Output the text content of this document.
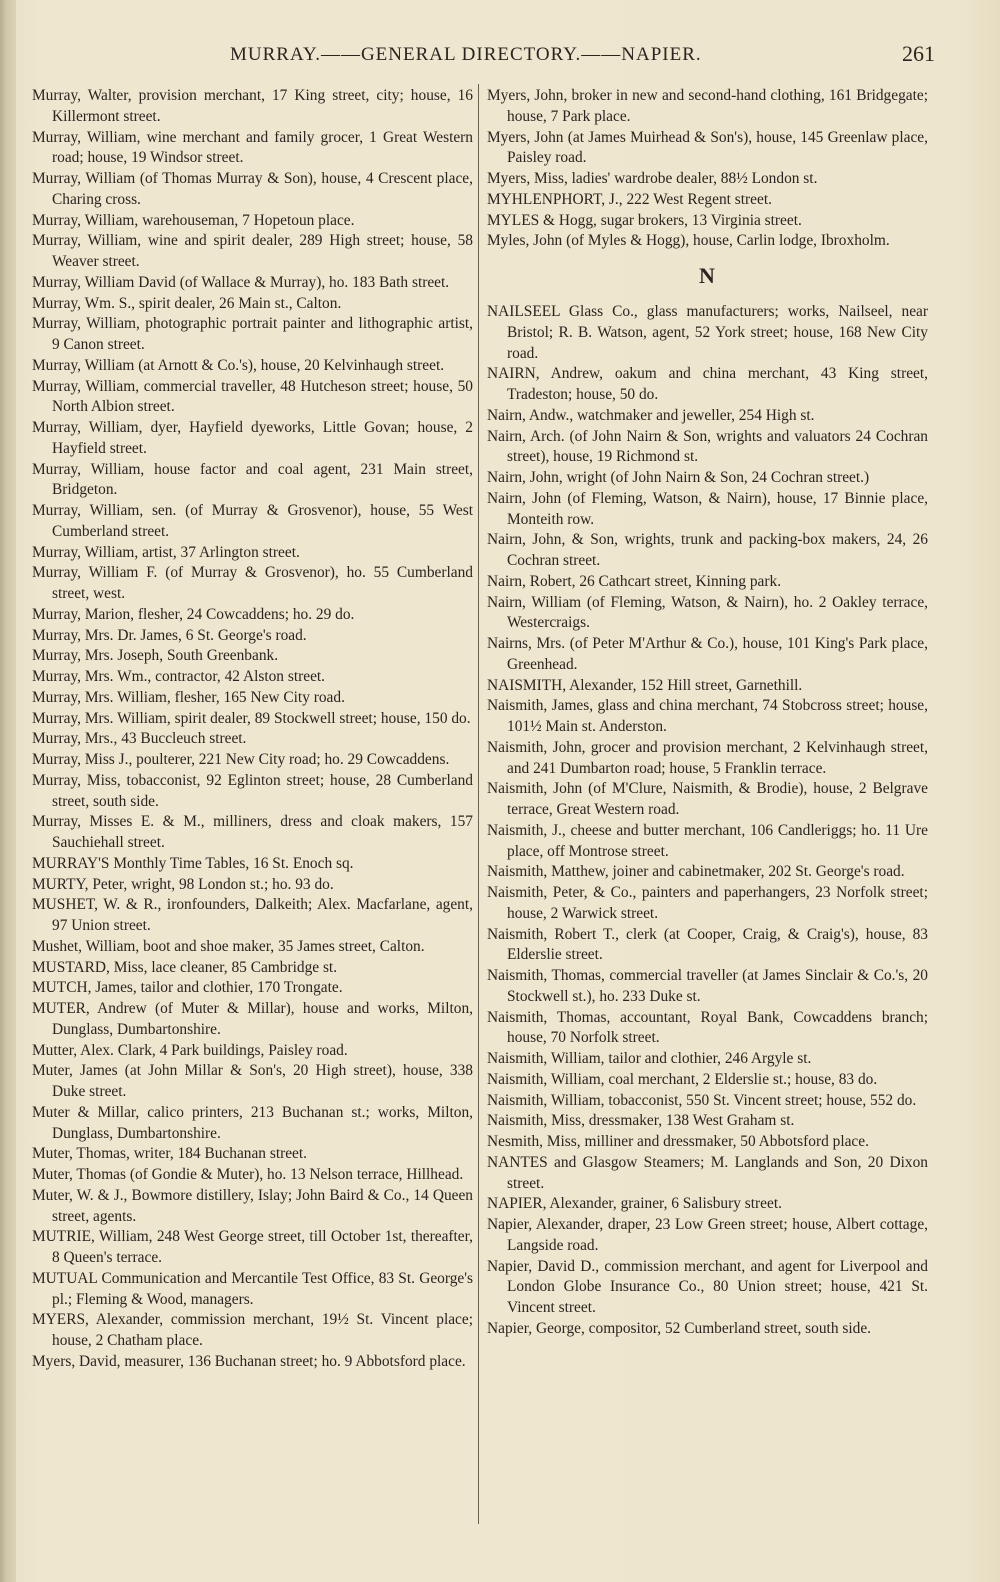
MURRAY.——GENERAL DIRECTORY.——NAPIER.	261

Murray, Walter, provision merchant, 17 King street, city; house, 16 Killermont street.

Murray, William, wine merchant and family grocer, 1 Great Western road; house, 19 Windsor street.

Murray, William (of Thomas Murray & Son), house, 4 Crescent place, Charing cross.

Murray, William, warehouseman, 7 Hopetoun place.

Murray, William, wine and spirit dealer, 289 High street; house, 58 Weaver street.

Murray, William David (of Wallace & Murray), ho. 183 Bath street.

Murray, Wm. S., spirit dealer, 26 Main st., Calton.

Murray, William, photographic portrait painter and lithographic artist, 9 Canon street.

Murray, William (at Arnott & Co.'s), house, 20 Kelvinhaugh street.

Murray, William, commercial traveller, 48 Hutcheson street; house, 50 North Albion street.

Murray, William, dyer, Hayfield dyeworks, Little Govan; house, 2 Hayfield street.

Murray, William, house factor and coal agent, 231 Main street, Bridgeton.

Murray, William, sen. (of Murray & Grosvenor), house, 55 West Cumberland street.

Murray, William, artist, 37 Arlington street.

Murray, William F. (of Murray & Grosvenor), ho. 55 Cumberland street, west.

Murray, Marion, flesher, 24 Cowcaddens; ho. 29 do.

Murray, Mrs. Dr. James, 6 St. George's road.

Murray, Mrs. Joseph, South Greenbank.

Murray, Mrs. Wm., contractor, 42 Alston street.

Murray, Mrs. William, flesher, 165 New City road.

Murray, Mrs. William, spirit dealer, 89 Stockwell street; house, 150 do.

Murray, Mrs., 43 Buccleuch street.

Murray, Miss J., poulterer, 221 New City road; ho. 29 Cowcaddens.

Murray, Miss, tobacconist, 92 Eglinton street; house, 28 Cumberland street, south side.

Murray, Misses E. & M., milliners, dress and cloak makers, 157 Sauchiehall street.

MURRAY'S Monthly Time Tables, 16 St. Enoch sq.

MURTY, Peter, wright, 98 London st.; ho. 93 do.

MUSHET, W. & R., ironfounders, Dalkeith; Alex. Macfarlane, agent, 97 Union street.

Mushet, William, boot and shoe maker, 35 James street, Calton.

MUSTARD, Miss, lace cleaner, 85 Cambridge st.

MUTCH, James, tailor and clothier, 170 Trongate.

MUTER, Andrew (of Muter & Millar), house and works, Milton, Dunglass, Dumbartonshire.

Mutter, Alex. Clark, 4 Park buildings, Paisley road.

Muter, James (at John Millar & Son's, 20 High street), house, 338 Duke street.

Muter & Millar, calico printers, 213 Buchanan st.; works, Milton, Dunglass, Dumbartonshire.

Muter, Thomas, writer, 184 Buchanan street.

Muter, Thomas (of Gondie & Muter), ho. 13 Nelson terrace, Hillhead.

Muter, W. & J., Bowmore distillery, Islay; John Baird & Co., 14 Queen street, agents.

MUTRIE, William, 248 West George street, till October 1st, thereafter, 8 Queen's terrace.

MUTUAL Communication and Mercantile Test Office, 83 St. George's pl.; Fleming & Wood, managers.

MYERS, Alexander, commission merchant, 19½ St. Vincent place; house, 2 Chatham place.

Myers, David, measurer, 136 Buchanan street; ho. 9 Abbotsford place.

Myers, John, broker in new and second-hand clothing, 161 Bridgegate; house, 7 Park place.

Myers, John (at James Muirhead & Son's), house, 145 Greenlaw place, Paisley road.

Myers, Miss, ladies' wardrobe dealer, 88½ London st.

MYHLENPHORT, J., 222 West Regent street.

MYLES & Hogg, sugar brokers, 13 Virginia street.

Myles, John (of Myles & Hogg), house, Carlin lodge, Ibroxholm.

N

NAILSEEL Glass Co., glass manufacturers; works, Nailseel, near Bristol; R. B. Watson, agent, 52 York street; house, 168 New City road.

NAIRN, Andrew, oakum and china merchant, 43 King street, Tradeston; house, 50 do.

Nairn, Andw., watchmaker and jeweller, 254 High st.

Nairn, Arch. (of John Nairn & Son, wrights and valuators 24 Cochran street), house, 19 Richmond st.

Nairn, John, wright (of John Nairn & Son, 24 Cochran street.)

Nairn, John (of Fleming, Watson, & Nairn), house, 17 Binnie place, Monteith row.

Nairn, John, & Son, wrights, trunk and packing-box makers, 24, 26 Cochran street.

Nairn, Robert, 26 Cathcart street, Kinning park.

Nairn, William (of Fleming, Watson, & Nairn), ho. 2 Oakley terrace, Westercraigs.

Nairns, Mrs. (of Peter M'Arthur & Co.), house, 101 King's Park place, Greenhead.

NAISMITH, Alexander, 152 Hill street, Garnethill.

Naismith, James, glass and china merchant, 74 Stobcross street; house, 101½ Main st. Anderston.

Naismith, John, grocer and provision merchant, 2 Kelvinhaugh street, and 241 Dumbarton road; house, 5 Franklin terrace.

Naismith, John (of M'Clure, Naismith, & Brodie), house, 2 Belgrave terrace, Great Western road.

Naismith, J., cheese and butter merchant, 106 Candleriggs; ho. 11 Ure place, off Montrose street.

Naismith, Matthew, joiner and cabinetmaker, 202 St. George's road.

Naismith, Peter, & Co., painters and paperhangers, 23 Norfolk street; house, 2 Warwick street.

Naismith, Robert T., clerk (at Cooper, Craig, & Craig's), house, 83 Elderslie street.

Naismith, Thomas, commercial traveller (at James Sinclair & Co.'s, 20 Stockwell st.), ho. 233 Duke st.

Naismith, Thomas, accountant, Royal Bank, Cowcaddens branch; house, 70 Norfolk street.

Naismith, William, tailor and clothier, 246 Argyle st.

Naismith, William, coal merchant, 2 Elderslie st.; house, 83 do.

Naismith, William, tobacconist, 550 St. Vincent street; house, 552 do.

Naismith, Miss, dressmaker, 138 West Graham st.

Nesmith, Miss, milliner and dressmaker, 50 Abbotsford place.

NANTES and Glasgow Steamers; M. Langlands and Son, 20 Dixon street.

NAPIER, Alexander, grainer, 6 Salisbury street.

Napier, Alexander, draper, 23 Low Green street; house, Albert cottage, Langside road.

Napier, David D., commission merchant, and agent for Liverpool and London Globe Insurance Co., 80 Union street; house, 421 St. Vincent street.

Napier, George, compositor, 52 Cumberland street, south side.
